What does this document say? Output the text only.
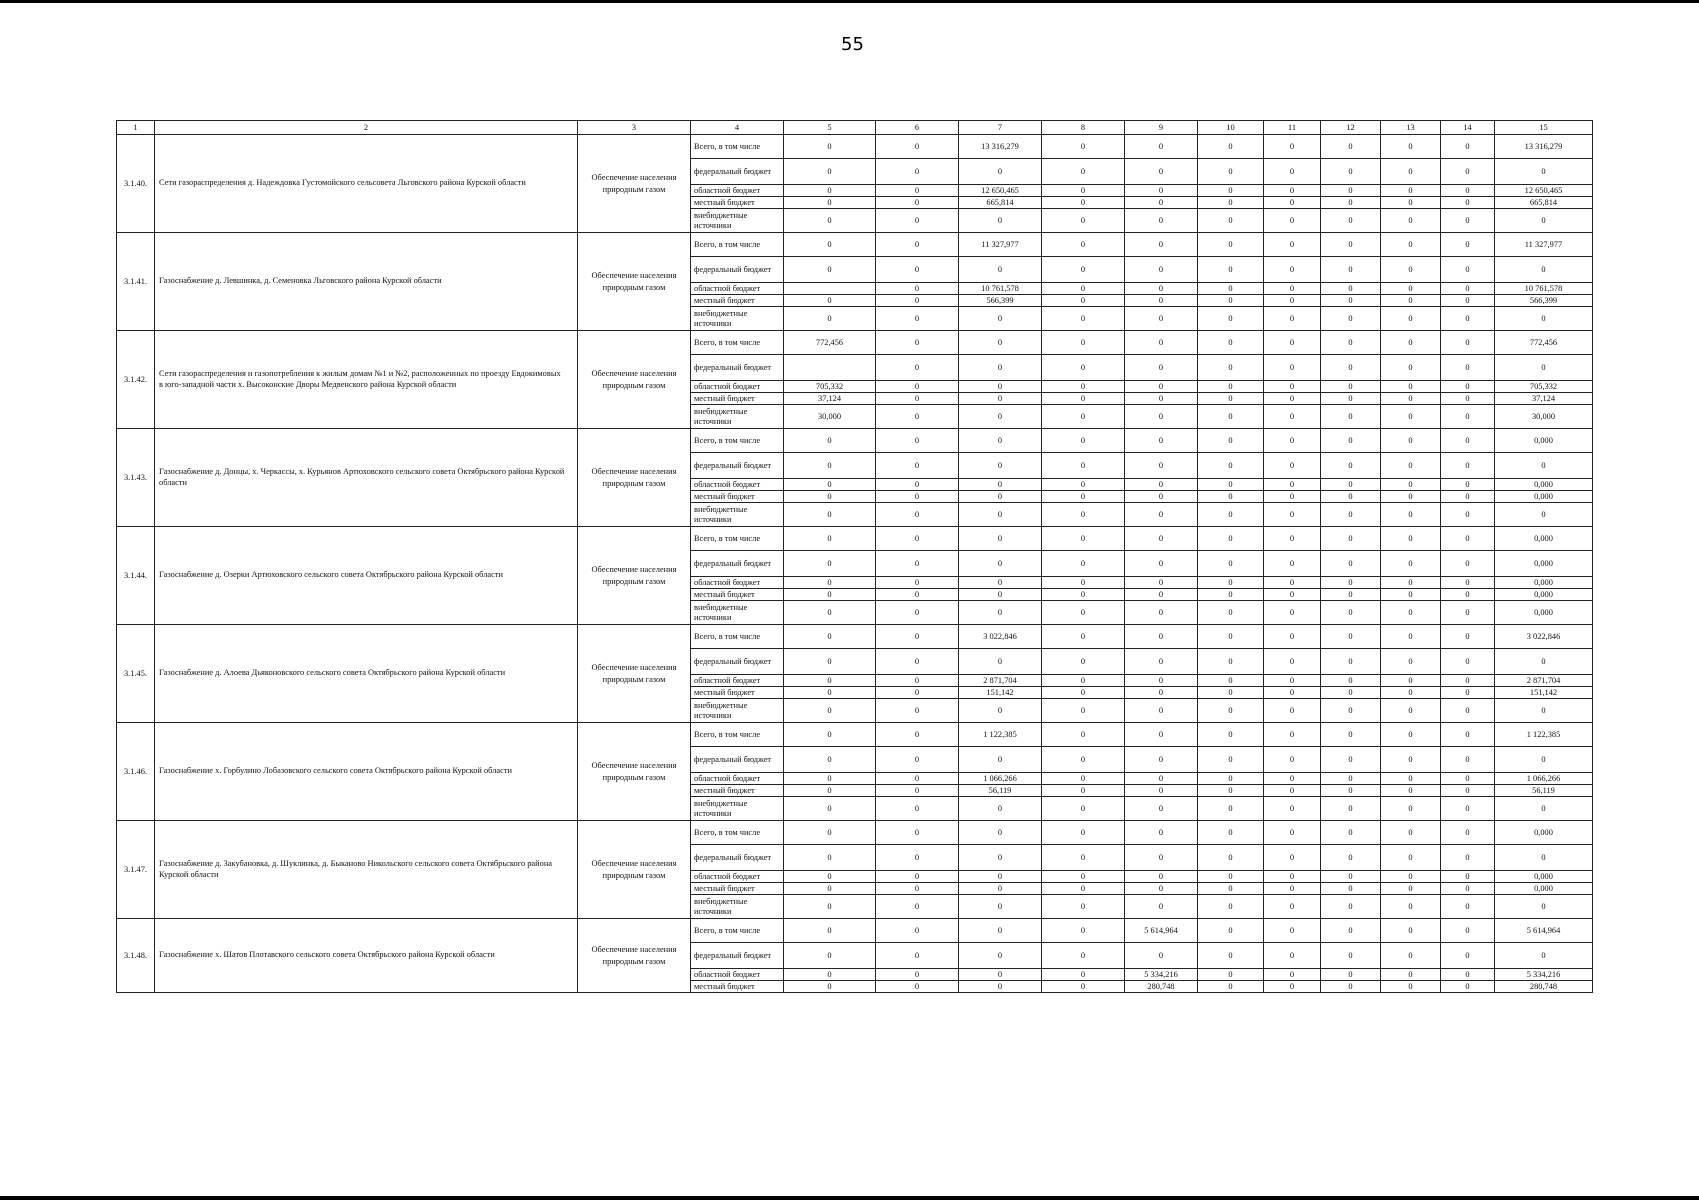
55
1	2	3	4	5	6	7	8	9	10	11	12	13	14	15
3.1.40.	Сети газораспределения д. Надеждовка Густомойского сельсовета Льговского района Курской области	Обеспечение населения природным газом	Всего, в том числе	0	0	13 316,279	0	0	0	0	0	0	0	13 316,279
			федеральный бюджет	0	0	0	0	0	0	0	0	0	0	0
			областной бюджет	0	0	12 650,465	0	0	0	0	0	0	0	12 650,465
			местный бюджет	0	0	665,814	0	0	0	0	0	0	0	665,814
			внебюджетные источники	0	0	0	0	0	0	0	0	0	0	0
3.1.41.	Газоснабжение д. Левшинка, д. Семеновка Льговского района Курской области	Обеспечение населения природным газом	Всего, в том числе	0	0	11 327,977	0	0	0	0	0	0	0	11 327,977
			федеральный бюджет	0	0	0	0	0	0	0	0	0	0	0
			областной бюджет		0	10 761,578	0	0	0	0	0	0	0	10 761,578
			местный бюджет	0	0	566,399	0	0	0	0	0	0	0	566,399
			внебюджетные источники	0	0	0	0	0	0	0	0	0	0	0
3.1.42.	Сети газораспределения и газопотребления к жилым домам №1 и №2, расположенных по проезду Евдокимовых в юго-западной части х. Высоконские Дворы Медвенского района Курской области	Обеспечение населения природным газом	Всего, в том числе	772,456	0	0	0	0	0	0	0	0	0	772,456
			федеральный бюджет		0	0	0	0	0	0	0	0	0	0
			областной бюджет	705,332	0	0	0	0	0	0	0	0	0	705,332
			местный бюджет	37,124	0	0	0	0	0	0	0	0	0	37,124
			внебюджетные источники	30,000	0	0	0	0	0	0	0	0	0	30,000
3.1.43.	Газоснабжение д. Донцы, х. Черкассы, х. Курьянов Артюховского сельского совета Октябрьского района Курской области	Обеспечение населения природным газом	Всего, в том числе	0	0	0	0	0	0	0	0	0	0	0,000
			федеральный бюджет	0	0	0	0	0	0	0	0	0	0	0
			областной бюджет	0	0	0	0	0	0	0	0	0	0	0,000
			местный бюджет	0	0	0	0	0	0	0	0	0	0	0,000
			внебюджетные источники	0	0	0	0	0	0	0	0	0	0	0
3.1.44.	Газоснабжение д. Озерки Артюховского сельского совета Октябрьского района Курской области	Обеспечение населения природным газом	Всего, в том числе	0	0	0	0	0	0	0	0	0	0	0,000
			федеральный бюджет	0	0	0	0	0	0	0	0	0	0	0,000
			областной бюджет	0	0	0	0	0	0	0	0	0	0	0,000
			местный бюджет	0	0	0	0	0	0	0	0	0	0	0,000
			внебюджетные источники	0	0	0	0	0	0	0	0	0	0	0,000
3.1.45.	Газоснабжение д. Алоева Дьяконовского сельского совета Октябрьского района Курской области	Обеспечение населения природным газом	Всего, в том числе	0	0	3 022,846	0	0	0	0	0	0	0	3 022,846
			федеральный бюджет	0	0	0	0	0	0	0	0	0	0	0
			областной бюджет	0	0	2 871,704	0	0	0	0	0	0	0	2 871,704
			местный бюджет	0	0	151,142	0	0	0	0	0	0	0	151,142
			внебюджетные источники	0	0	0	0	0	0	0	0	0	0	0
3.1.46.	Газоснабжение х. Горбулино Лобазовского сельского совета Октябрьского района Курской области	Обеспечение населения природным газом	Всего, в том числе	0	0	1 122,385	0	0	0	0	0	0	0	1 122,385
			федеральный бюджет	0	0	0	0	0	0	0	0	0	0	0
			областной бюджет	0	0	1 066,266	0	0	0	0	0	0	0	1 066,266
			местный бюджет	0	0	56,119	0	0	0	0	0	0	0	56,119
			внебюджетные источники	0	0	0	0	0	0	0	0	0	0	0
3.1.47.	Газоснабжение д. Закубановка, д. Шуклинка, д. Быканово Никольского сельского совета Октябрьского района Курской области	Обеспечение населения природным газом	Всего, в том числе	0	0	0	0	0	0	0	0	0	0	0,000
			федеральный бюджет	0	0	0	0	0	0	0	0	0	0	0
			областной бюджет	0	0	0	0	0	0	0	0	0	0	0,000
			местный бюджет	0	0	0	0	0	0	0	0	0	0	0,000
			внебюджетные источники	0	0	0	0	0	0	0	0	0	0	0
3.1.48.	Газоснабжение х. Шатов Плотавского сельского совета Октябрьского района Курской области	Обеспечение населения природным газом	Всего, в том числе	0	0	0	0	5 614,964	0	0	0	0	0	5 614,964
			федеральный бюджет	0	0	0	0	0	0	0	0	0	0	0
			областной бюджет	0	0	0	0	5 334,216	0	0	0	0	0	5 334,216
			местный бюджет	0	0	0	0	280,748	0	0	0	0	0	280,748
